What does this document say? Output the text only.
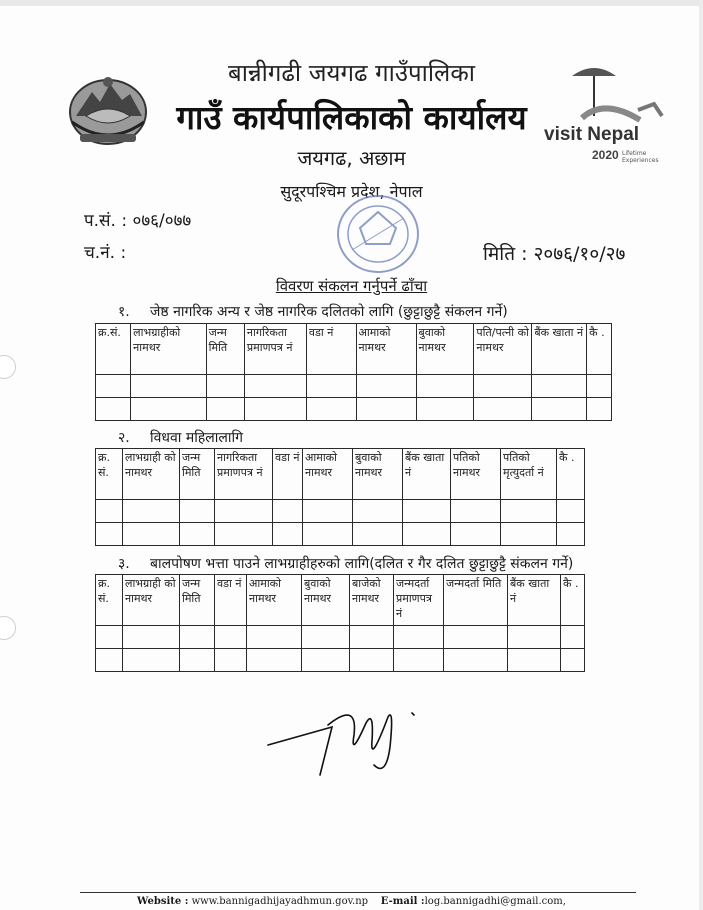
visit Nepal
2020 Lifetime Experiences
बान्नीगढी जयगढ गाउँपालिका
गाउँ कार्यपालिकाको कार्यालय
जयगढ, अछाम
सुदूरपश्चिम प्रदेश, नेपाल
प.सं. : ०७६/०७७
च.नं. :	मिति : २०७६/१०/२७
विवरण संकलन गर्नुपर्ने ढाँचा
१. जेष्ठ नागरिक अन्य र जेष्ठ नागरिक दलितको लागि (छुट्टाछुट्टै संकलन गर्ने)
क्र.सं.	लाभग्राहीको नामथर	जन्म मिति	नागरिकता प्रमाणपत्र नं	वडा नं	आमाको नामथर	बुवाको नामथर	पति/पत्नी को नामथर	बैंक खाता नं	कै .

२. विधवा महिलालागि
क्र. सं.	लाभग्राही को नामथर	जन्म मिति	नागरिकता प्रमाणपत्र नं	वडा नं	आमाको नामथर	बुवाको नामथर	बैंक खाता नं	पतिको नामथर	पतिको मृत्युदर्ता नं	कै .

३. बालपोषण भत्ता पाउने लाभग्राहीहरुको लागि(दलित र गैर दलित छुट्टाछुट्टै संकलन गर्ने)
क्र. सं.	लाभग्राही को नामथर	जन्म मिति	वडा नं	आमाको नामथर	बुवाको नामथर	बाजेको नामथर	जन्मदर्ता प्रमाणपत्र नं	जन्मदर्ता मिति	बैंक खाता नं	कै .

Website : www.bannigadhijayadhmun.gov.np E-mail :log.bannigadhi@gmail.com,
